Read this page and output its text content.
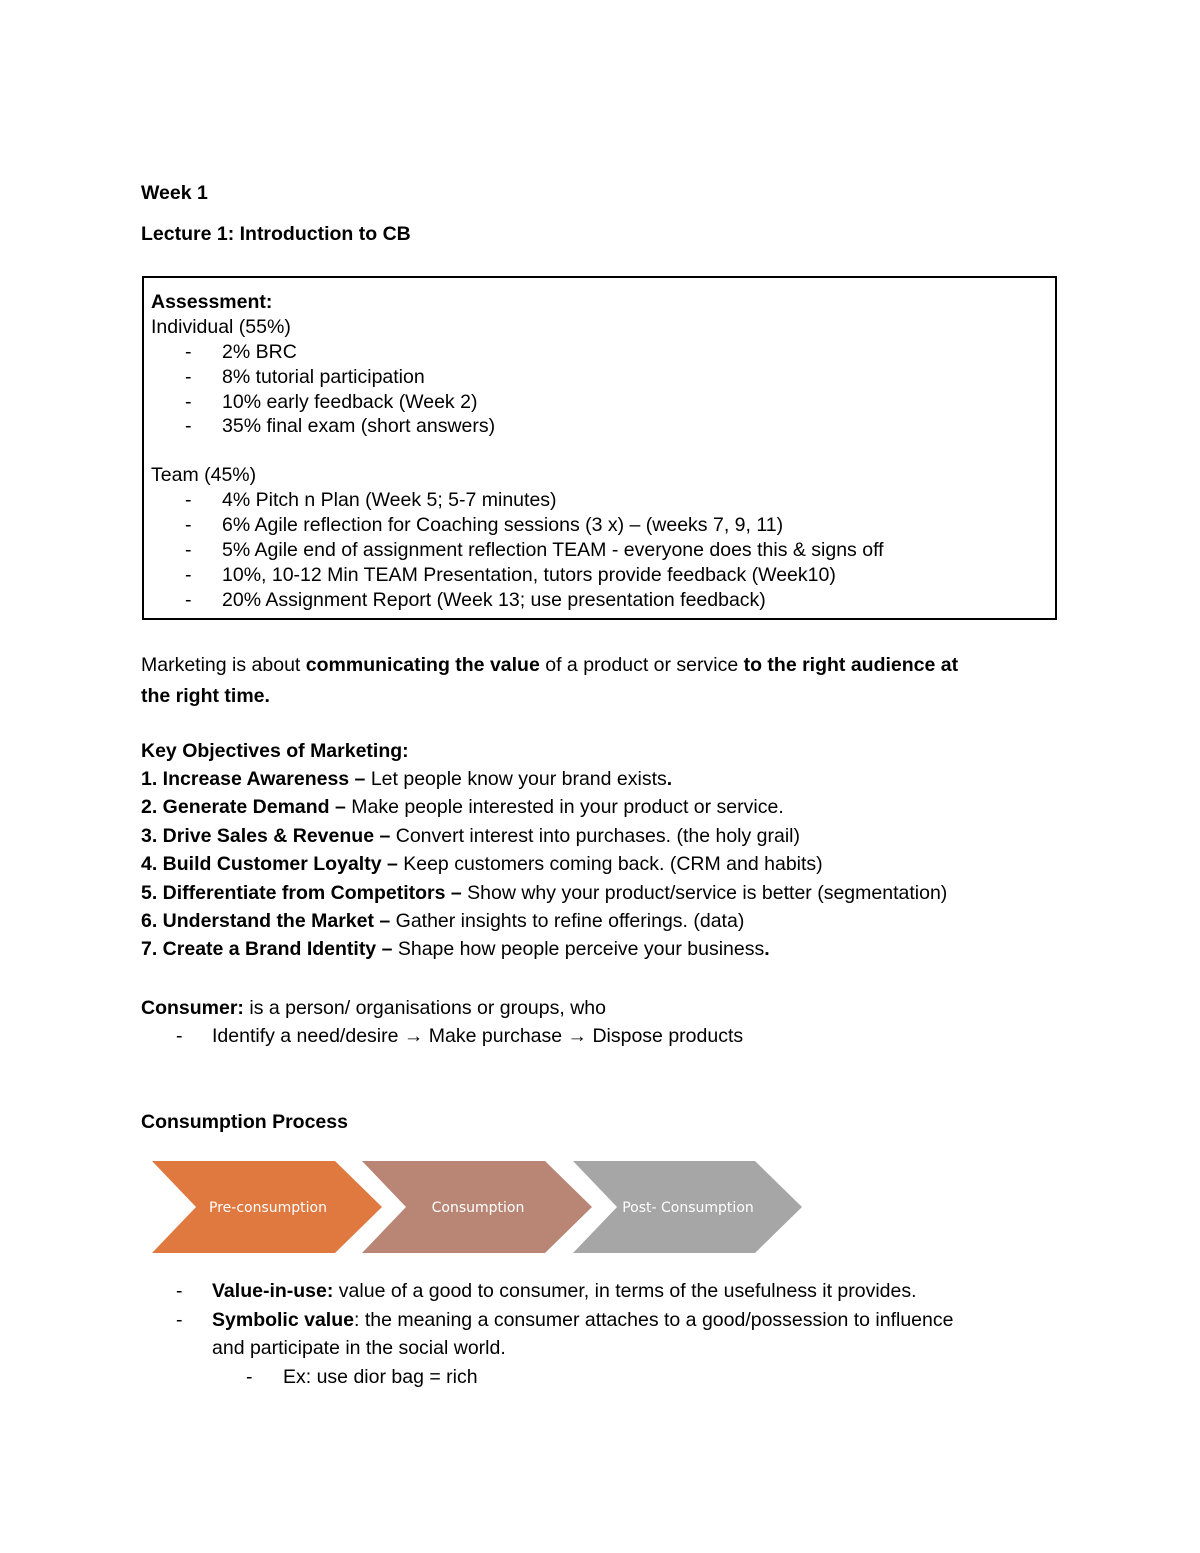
Week 1
Lecture 1: Introduction to CB
Assessment:
Individual (55%)
- 2% BRC
- 8% tutorial participation
- 10% early feedback (Week 2)
- 35% final exam (short answers)
Team (45%)
- 4% Pitch n Plan (Week 5; 5-7 minutes)
- 6% Agile reflection for Coaching sessions (3 x) – (weeks 7, 9, 11)
- 5% Agile end of assignment reflection TEAM - everyone does this & signs off
- 10%, 10-12 Min TEAM Presentation, tutors provide feedback (Week10)
- 20% Assignment Report (Week 13; use presentation feedback)
Marketing is about communicating the value of a product or service to the right audience at
the right time.
Key Objectives of Marketing:
1. Increase Awareness – Let people know your brand exists.
2. Generate Demand – Make people interested in your product or service.
3. Drive Sales & Revenue – Convert interest into purchases. (the holy grail)
4. Build Customer Loyalty – Keep customers coming back. (CRM and habits)
5. Differentiate from Competitors – Show why your product/service is better (segmentation)
6. Understand the Market – Gather insights to refine offerings. (data)
7. Create a Brand Identity – Shape how people perceive your business.
Consumer: is a person/ organisations or groups, who
- Identify a need/desire → Make purchase → Dispose products
Consumption Process
Pre-consumption	Consumption	Post- Consumption
- Value-in-use: value of a good to consumer, in terms of the usefulness it provides.
- Symbolic value: the meaning a consumer attaches to a good/possession to influence
and participate in the social world.
- Ex: use dior bag = rich
